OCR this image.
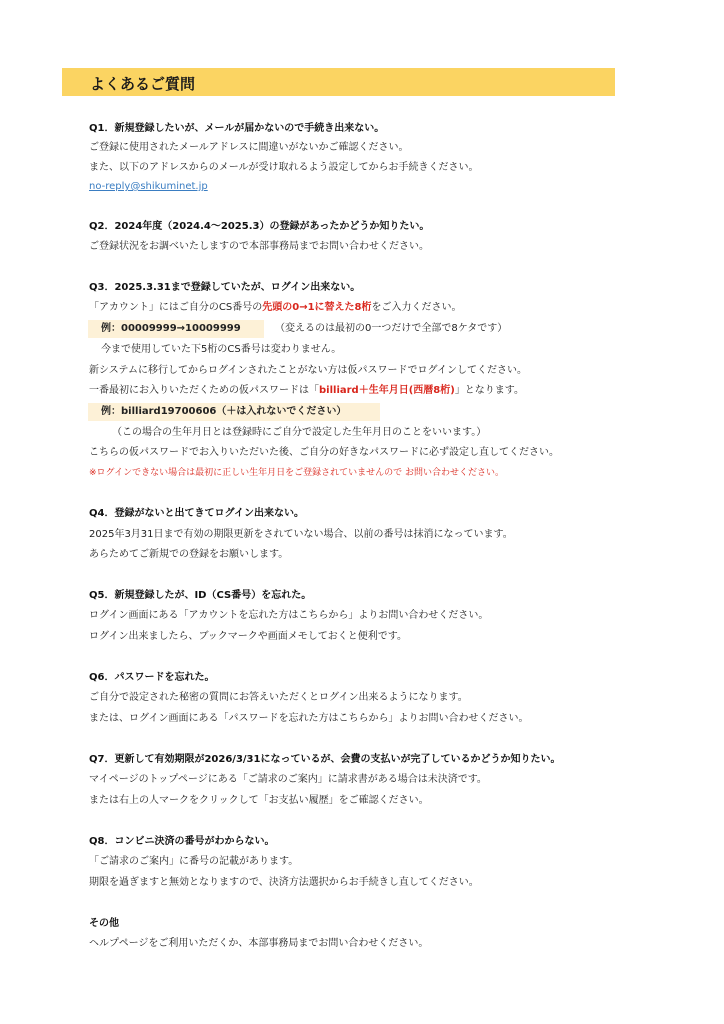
よくあるご質問
Q1．新規登録したいが、メールが届かないので手続き出来ない。
ご登録に使用されたメールアドレスに間違いがないかご確認ください。
また、以下のアドレスからのメールが受け取れるよう設定してからお手続きください。
no-reply@shikuminet.jp
Q2．2024年度（2024.4～2025.3）の登録があったかどうか知りたい。
ご登録状況をお調べいたしますので本部事務局までお問い合わせください。
Q3．2025.3.31まで登録していたが、ログイン出来ない。
「アカウント」にはご自分のCS番号の先頭の0→1に替えた8桁をご入力ください。
例：00009999→10009999	（変えるのは最初の0一つだけで全部で8ケタです）
今まで使用していた下5桁のCS番号は変わりません。
新システムに移行してからログインされたことがない方は仮パスワードでログインしてください。
一番最初にお入りいただくための仮パスワードは「billiard＋生年月日(西暦8桁)」となります。
例：billiard19700606（＋は入れないでください）
（この場合の生年月日とは登録時にご自分で設定した生年月日のことをいいます。）
こちらの仮パスワードでお入りいただいた後、ご自分の好きなパスワードに必ず設定し直してください。
※ログインできない場合は最初に正しい生年月日をご登録されていませんので お問い合わせください。
Q4．登録がないと出てきてログイン出来ない。
2025年3月31日まで有効の期限更新をされていない場合、以前の番号は抹消になっています。
あらためてご新規での登録をお願いします。
Q5．新規登録したが、ID（CS番号）を忘れた。
ログイン画面にある「アカウントを忘れた方はこちらから」よりお問い合わせください。
ログイン出来ましたら、ブックマークや画面メモしておくと便利です。
Q6．パスワードを忘れた。
ご自分で設定された秘密の質問にお答えいただくとログイン出来るようになります。
または、ログイン画面にある「パスワードを忘れた方はこちらから」よりお問い合わせください。
Q7．更新して有効期限が2026/3/31になっているが、会費の支払いが完了しているかどうか知りたい。
マイページのトップページにある「ご請求のご案内」に請求書がある場合は未決済です。
または右上の人マークをクリックして「お支払い履歴」をご確認ください。
Q8．コンビニ決済の番号がわからない。
「ご請求のご案内」に番号の記載があります。
期限を過ぎますと無効となりますので、決済方法選択からお手続きし直してください。
その他
ヘルプページをご利用いただくか、本部事務局までお問い合わせください。
